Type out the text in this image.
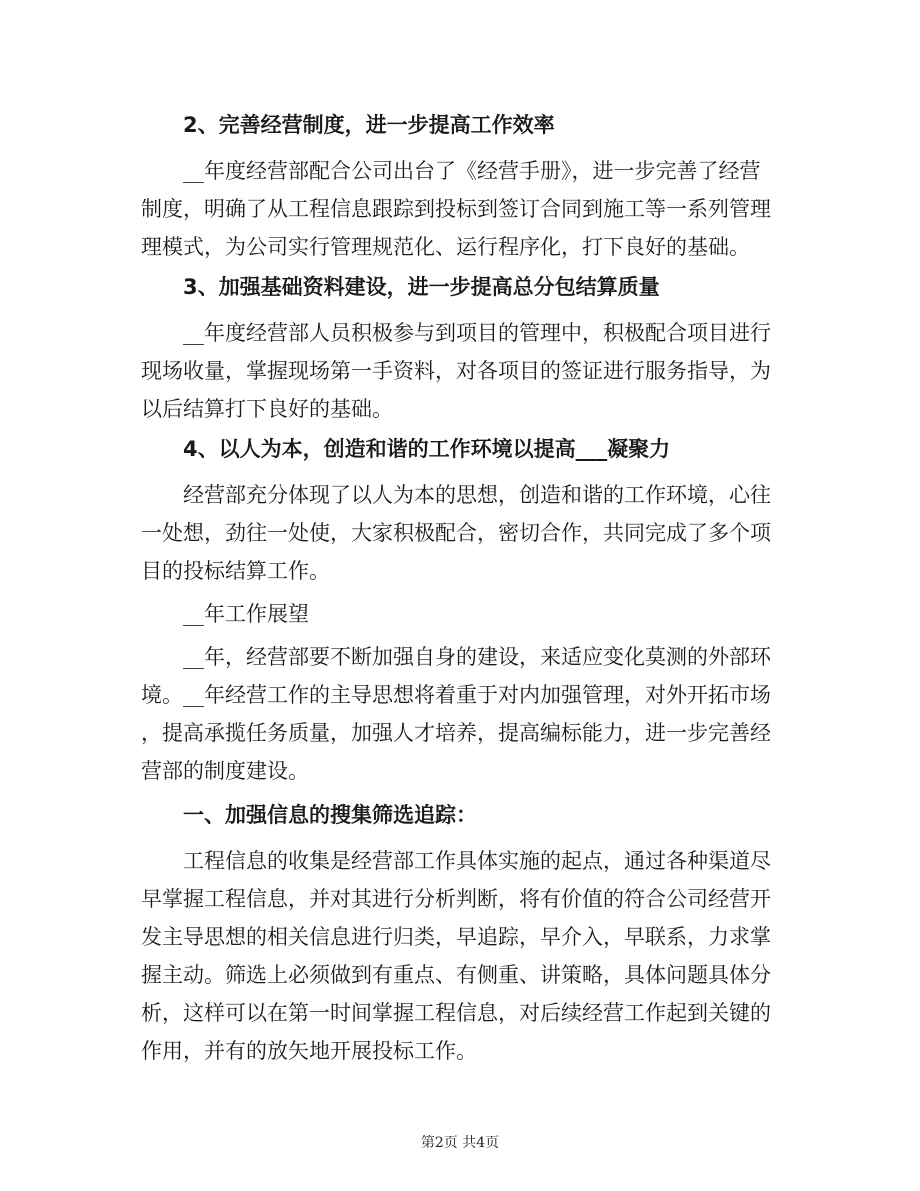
2、完善经营制度，进一步提高工作效率
__年度经营部配合公司出台了《经营手册》，进一步完善了经营
制度，明确了从工程信息跟踪到投标到签订合同到施工等一系列管理
理模式，为公司实行管理规范化、运行程序化，打下良好的基础。
3、加强基础资料建设，进一步提高总分包结算质量
__年度经营部人员积极参与到项目的管理中，积极配合项目进行
现场收量，掌握现场第一手资料，对各项目的签证进行服务指导，为
以后结算打下良好的基础。
4、以人为本，创造和谐的工作环境以提高___凝聚力
经营部充分体现了以人为本的思想，创造和谐的工作环境，心往
一处想，劲往一处使，大家积极配合，密切合作，共同完成了多个项
目的投标结算工作。
__年工作展望
__年，经营部要不断加强自身的建设，来适应变化莫测的外部环
境。__年经营工作的主导思想将着重于对内加强管理，对外开拓市场
，提高承揽任务质量，加强人才培养，提高编标能力，进一步完善经
营部的制度建设。
一、加强信息的搜集筛选追踪：
工程信息的收集是经营部工作具体实施的起点，通过各种渠道尽
早掌握工程信息，并对其进行分析判断，将有价值的符合公司经营开
发主导思想的相关信息进行归类，早追踪，早介入，早联系，力求掌
握主动。筛选上必须做到有重点、有侧重、讲策略，具体问题具体分
析，这样可以在第一时间掌握工程信息，对后续经营工作起到关键的
作用，并有的放矢地开展投标工作。
第2页 共4页
